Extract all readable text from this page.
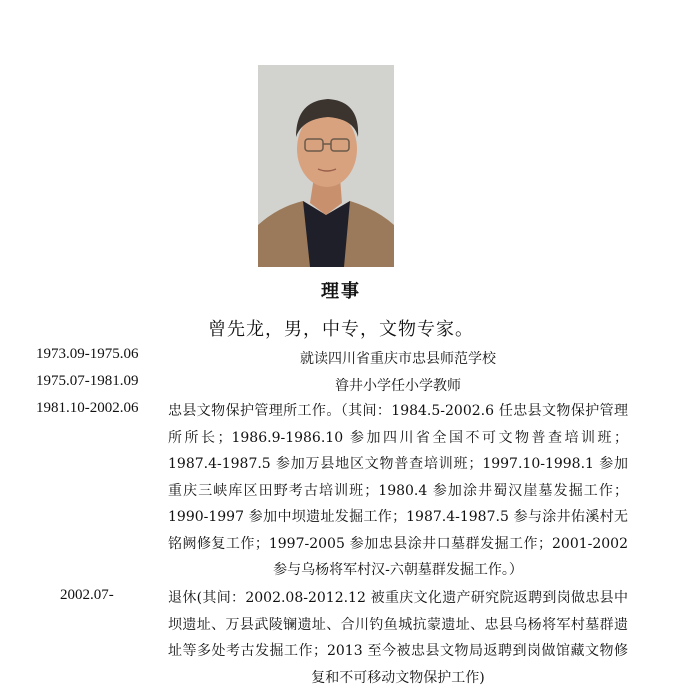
理事
曾先龙，男，中专，文物专家。
1973.09-1975.06	就读四川省重庆市忠县师范学校
1975.07-1981.09	㽏井小学任小学教师
1981.10-2002.06 忠县文物保护管理所工作。（其间：1984.5-2002.6 任忠县文物保护管理所所长；1986.9-1986.10 参加四川省全国不可文物普查培训班；1987.4-1987.5 参加万县地区文物普查培训班；1997.10-1998.1 参加重庆三峡库区田野考古培训班；1980.4 参加涂井蜀汉崖墓发掘工作；1990-1997 参加中坝遗址发掘工作；1987.4-1987.5 参与涂井佑溪村无铭阙修复工作；1997-2005 参加忠县涂井口墓群发掘工作；2001-2002 参与乌杨将军村汉-六朝墓群发掘工作。）
2002.07-	退休(其间：2002.08-2012.12 被重庆文化遗产研究院返聘到岗做忠县中坝遗址、万县武陵镧遗址、合川钓鱼城抗蒙遗址、忠县乌杨将军村墓群遗址等多处考古发掘工作；2013 至今被忠县文物局返聘到岗做馆藏文物修复和不可移动文物保护工作)
